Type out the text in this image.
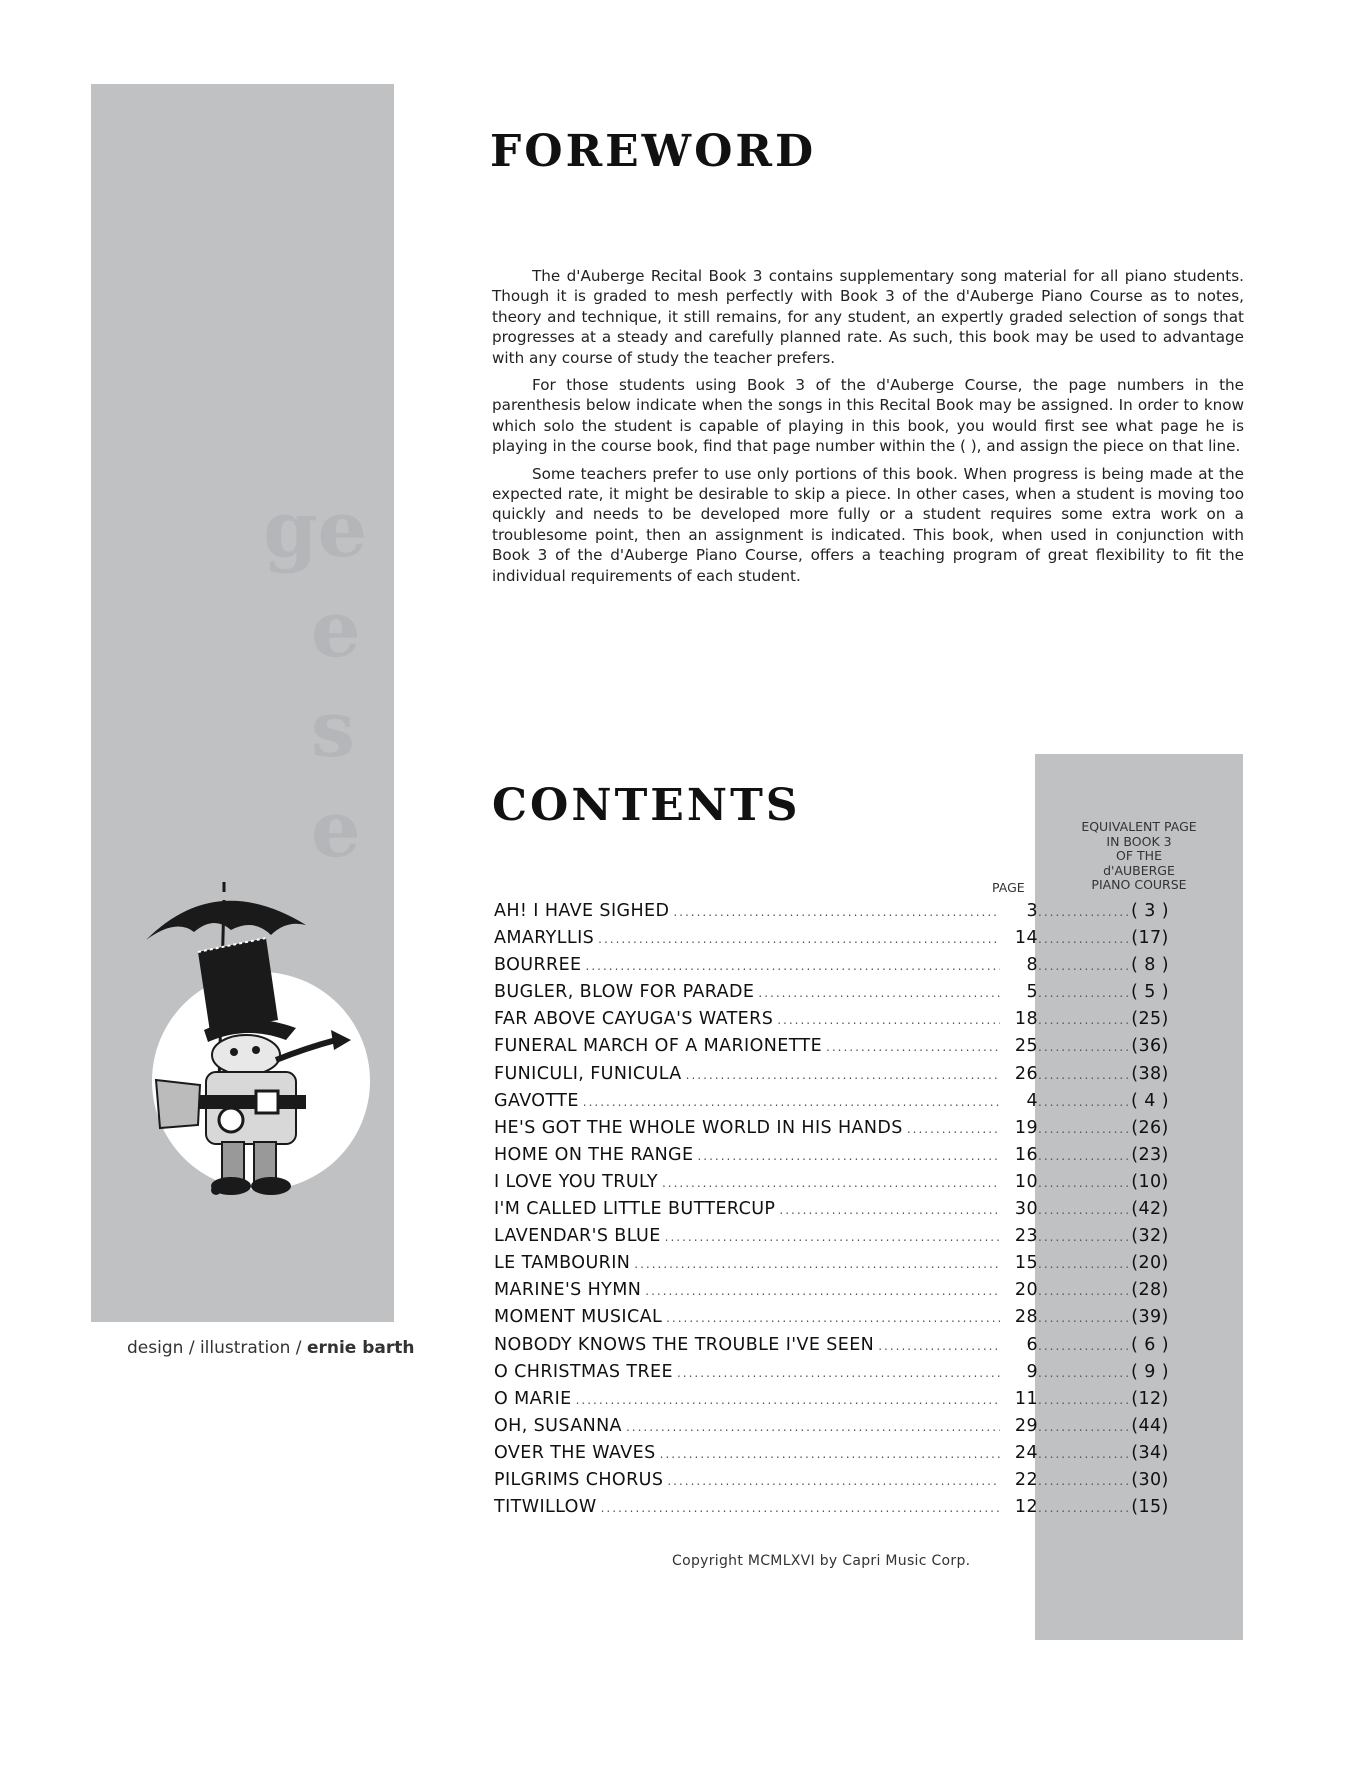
ge
e
s
e
design / illustration / ernie barth
FOREWORD

The d'Auberge Recital Book 3 contains supplementary song material for all piano students. Though it is graded to mesh perfectly with Book 3 of the d'Auberge Piano Course as to notes, theory and technique, it still remains, for any student, an expertly graded selection of songs that progresses at a steady and carefully planned rate. As such, this book may be used to advantage with any course of study the teacher prefers.

For those students using Book 3 of the d'Auberge Course, the page numbers in the parenthesis below indicate when the songs in this Recital Book may be assigned. In order to know which solo the student is capable of playing in this book, you would first see what page he is playing in the course book, find that page number within the ( ), and assign the piece on that line.

Some teachers prefer to use only portions of this book. When progress is being made at the expected rate, it might be desirable to skip a piece. In other cases, when a student is moving too quickly and needs to be developed more fully or a student requires some extra work on a troublesome point, then an assignment is indicated. This book, when used in conjunction with Book 3 of the d'Auberge Piano Course, offers a teaching program of great flexibility to fit the individual requirements of each student.

CONTENTS	EQUIVALENT PAGE
IN BOOK 3
OF THE
d'AUBERGE
PIANO COURSE
PAGE
AH! I HAVE SIGHED .....	3 .....	( 3 )
AMARYLLIS .....	14 .....	(17)
BOURREE .....	8 .....	( 8 )
BUGLER, BLOW FOR PARADE .....	5 .....	( 5 )
FAR ABOVE CAYUGA'S WATERS .....	18 .....	(25)
FUNERAL MARCH OF A MARIONETTE .....	25 .....	(36)
FUNICULI, FUNICULA .....	26 .....	(38)
GAVOTTE .....	4 .....	( 4 )
HE'S GOT THE WHOLE WORLD IN HIS HANDS .....	19 .....	(26)
HOME ON THE RANGE .....	16 .....	(23)
I LOVE YOU TRULY .....	10 .....	(10)
I'M CALLED LITTLE BUTTERCUP .....	30 .....	(42)
LAVENDAR'S BLUE .....	23 .....	(32)
LE TAMBOURIN .....	15 .....	(20)
MARINE'S HYMN .....	20 .....	(28)
MOMENT MUSICAL .....	28 .....	(39)
NOBODY KNOWS THE TROUBLE I'VE SEEN .....	6 .....	( 6 )
O CHRISTMAS TREE .....	9 .....	( 9 )
O MARIE .....	11 .....	(12)
OH, SUSANNA .....	29 .....	(44)
OVER THE WAVES .....	24 .....	(34)
PILGRIMS CHORUS .....	22 .....	(30)
TITWILLOW .....	12 .....	(15)
Copyright MCMLXVI by Capri Music Corp.
